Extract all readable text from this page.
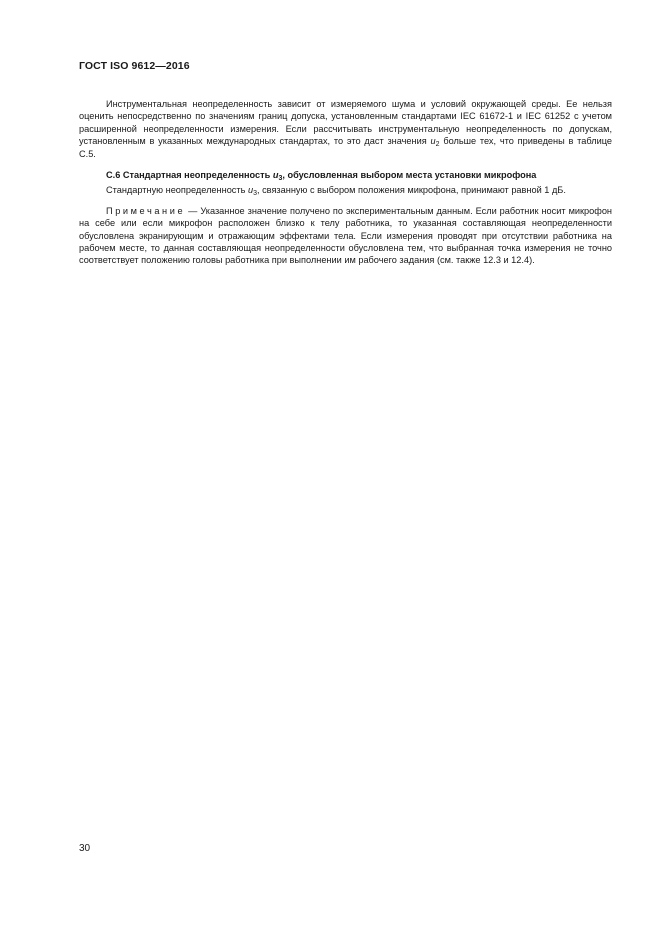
ГОСТ ISO 9612—2016

Инструментальная неопределенность зависит от измеряемого шума и условий окружающей среды. Ее нельзя оценить непосредственно по значениям границ допуска, установленным стандартами IEC 61672-1 и IEC 61252 с учетом расширенной неопределенности измерения. Если рассчитывать инструментальную неопределенность по допускам, установленным в указанных международных стандартах, то это даст значения $u_2$ больше тех, что приведены в таблице С.5.

С.6 Стандартная неопределенность $u_3$, обусловленная выбором места установки микрофона

Стандартную неопределенность $u_3$, связанную с выбором положения микрофона, принимают равной 1 дБ.

Примечание — Указанное значение получено по экспериментальным данным. Если работник носит микрофон на себе или если микрофон расположен близко к телу работника, то указанная составляющая неопределенности обусловлена экранирующим и отражающим эффектами тела. Если измерения проводят при отсутствии работника на рабочем месте, то данная составляющая неопределенности обусловлена тем, что выбранная точка измерения не точно соответствует положению головы работника при выполнении им рабочего задания (см. также 12.3 и 12.4).

30
